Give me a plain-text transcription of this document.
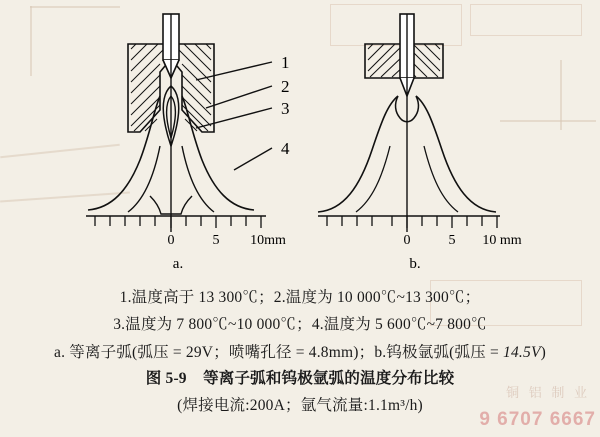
0	5 10mm
1
2
3
4
0	5 10 mm
a.	b.
1.温度高于 13 300℃；2.温度为 10 000℃~13 300℃；
3.温度为 7 800℃~10 000℃；4.温度为 5 600℃~7 800℃
a. 等离子弧(弧压 = 29V；喷嘴孔径 = 4.8mm)；b.钨极氩弧(弧压 = 14.5V)
图 5-9 等离子弧和钨极氩弧的温度分布比较
(焊接电流:200A；氩气流量:1.1m³/h)
铜 铝 制 业
9 6707 6667
